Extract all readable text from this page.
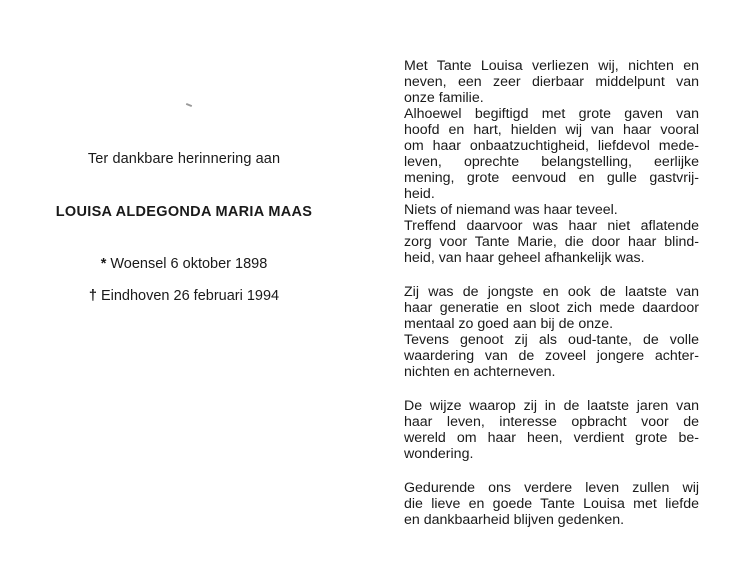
Ter dankbare herinnering aan
LOUISA ALDEGONDA MARIA MAAS
* Woensel 6 oktober 1898
† Eindhoven 26 februari 1994
Met Tante Louisa verliezen wij, nichten en
neven, een zeer dierbaar middelpunt van
onze familie.
Alhoewel begiftigd met grote gaven van
hoofd en hart, hielden wij van haar vooral
om haar onbaatzuchtigheid, liefdevol mede-
leven, oprechte belangstelling, eerlijke
mening, grote eenvoud en gulle gastvrij-
heid.
Niets of niemand was haar teveel.
Treffend daarvoor was haar niet aflatende
zorg voor Tante Marie, die door haar blind-
heid, van haar geheel afhankelijk was.
Zij was de jongste en ook de laatste van
haar generatie en sloot zich mede daardoor
mentaal zo goed aan bij de onze.
Tevens genoot zij als oud-tante, de volle
waardering van de zoveel jongere achter-
nichten en achterneven.
De wijze waarop zij in de laatste jaren van
haar leven, interesse opbracht voor de
wereld om haar heen, verdient grote be-
wondering.
Gedurende ons verdere leven zullen wij
die lieve en goede Tante Louisa met liefde
en dankbaarheid blijven gedenken.
